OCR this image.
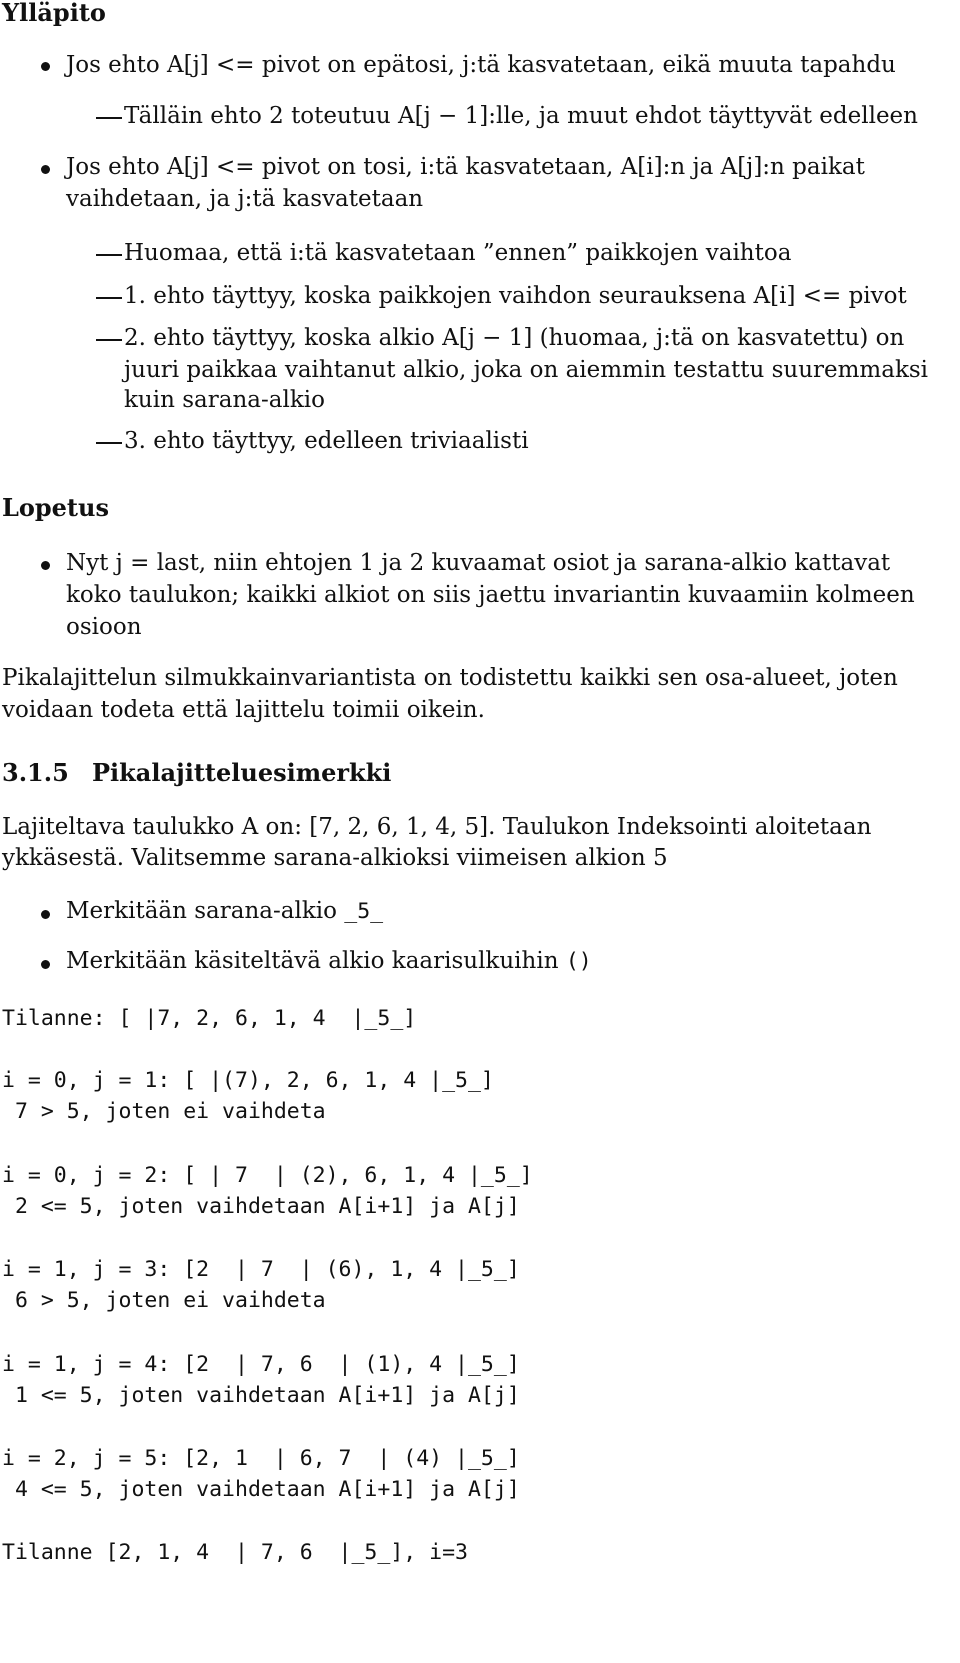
Ylläpito
Jos ehto A[j] <= pivot on epätosi, j:tä kasvatetaan, eikä muuta tapahdu
Tälläin ehto 2 toteutuu A[j − 1]:lle, ja muut ehdot täyttyvät edelleen
Jos ehto A[j] <= pivot on tosi, i:tä kasvatetaan, A[i]:n ja A[j]:n paikat
vaihdetaan, ja j:tä kasvatetaan
Huomaa, että i:tä kasvatetaan ”ennen” paikkojen vaihtoa
1. ehto täyttyy, koska paikkojen vaihdon seurauksena A[i] <= pivot
2. ehto täyttyy, koska alkio A[j − 1] (huomaa, j:tä on kasvatettu) on
juuri paikkaa vaihtanut alkio, joka on aiemmin testattu suuremmaksi
kuin sarana-alkio
3. ehto täyttyy, edelleen triviaalisti
Lopetus
Nyt j = last, niin ehtojen 1 ja 2 kuvaamat osiot ja sarana-alkio kattavat
koko taulukon; kaikki alkiot on siis jaettu invariantin kuvaamiin kolmeen
osioon
Pikalajittelun silmukkainvariantista on todistettu kaikki sen osa-alueet, joten
voidaan todeta että lajittelu toimii oikein.
3.1.5 Pikalajitteluesimerkki
Lajiteltava taulukko A on: [7, 2, 6, 1, 4, 5]. Taulukon Indeksointi aloitetaan
ykkäsestä. Valitsemme sarana-alkioksi viimeisen alkion 5
Merkitään sarana-alkio _5_
Merkitään käsiteltävä alkio kaarisulkuihin ()
Tilanne: [ |7, 2, 6, 1, 4  |_5_]
i = 0, j = 1: [ |(7), 2, 6, 1, 4 |_5_]
7 > 5, joten ei vaihdeta
i = 0, j = 2: [ | 7  | (2), 6, 1, 4 |_5_]
2 <= 5, joten vaihdetaan A[i+1] ja A[j]
i = 1, j = 3: [2  | 7  | (6), 1, 4 |_5_]
6 > 5, joten ei vaihdeta
i = 1, j = 4: [2  | 7, 6  | (1), 4 |_5_]
1 <= 5, joten vaihdetaan A[i+1] ja A[j]
i = 2, j = 5: [2, 1  | 6, 7  | (4) |_5_]
4 <= 5, joten vaihdetaan A[i+1] ja A[j]
Tilanne [2, 1, 4  | 7, 6  |_5_], i=3
